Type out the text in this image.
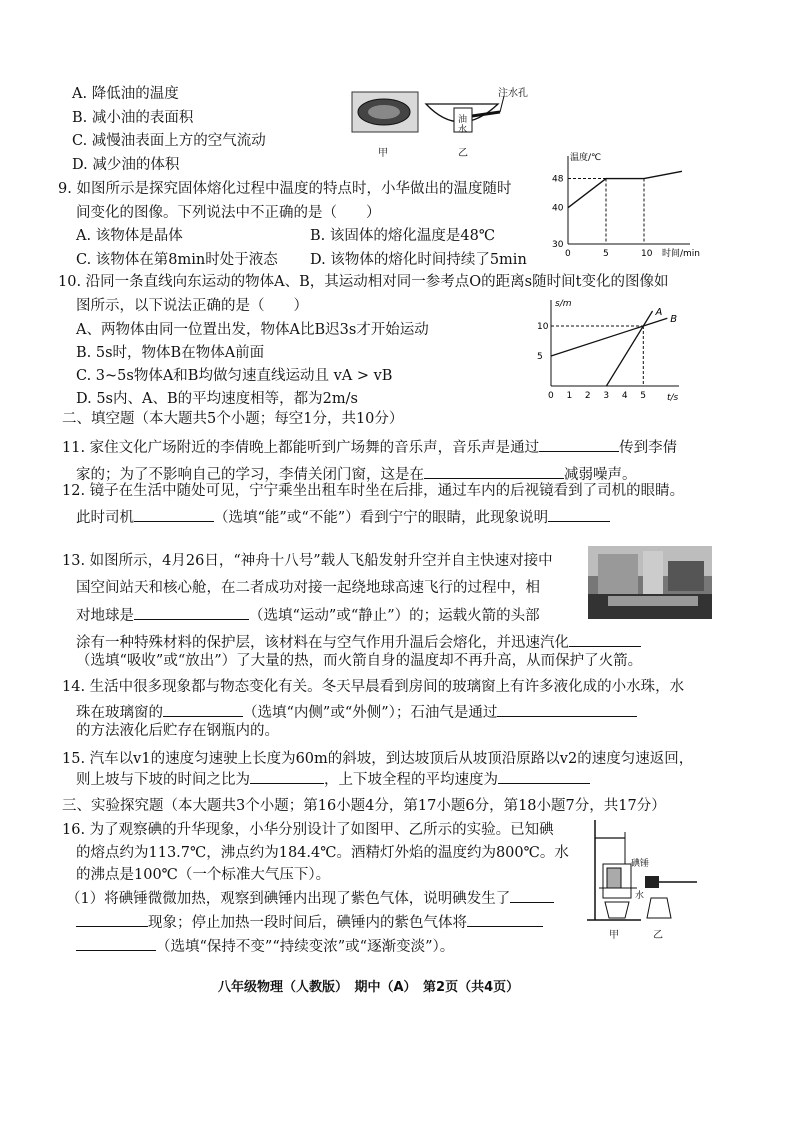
A. 降低油的温度
B. 减小油的表面积
C. 减慢油表面上方的空气流动
D. 减少油的体积
注水孔
油
水
甲	乙
9. 如图所示是探究固体熔化过程中温度的特点时，小华做出的温度随时
间变化的图像。下列说法中不正确的是（　　）
A. 该物体是晶体	B. 该固体的熔化温度是48℃
C. 该物体在第8min时处于液态 D. 该物体的熔化时间持续了5min
温度/℃
时间/min
0	5	10
30
40
48
10. 沿同一条直线向东运动的物体A、B，其运动相对同一参考点O的距离s随时间t变化的图像如
图所示，以下说法正确的是（　　）
A、两物体由同一位置出发，物体A比B迟3s才开始运动
B. 5s时，物体B在物体A前面
C. 3~5s物体A和B均做匀速直线运动且 vA > vB
D. 5s内、A、B的平均速度相等，都为2m/s
s/m
t/s
0 1 2 3 4 5
5
10
A
B
二、填空题（本大题共5个小题；每空1分，共10分）
11. 家住文化广场附近的李倩晚上都能听到广场舞的音乐声，音乐声是通过	传到李倩
家的；为了不影响自己的学习，李倩关闭门窗，这是在	减弱噪声。
12. 镜子在生活中随处可见，宁宁乘坐出租车时坐在后排，通过车内的后视镜看到了司机的眼睛。
此时司机	（选填“能”或“不能”）看到宁宁的眼睛，此现象说明
13. 如图所示，4月26日，“神舟十八号”载人飞船发射升空并自主快速对接中
国空间站天和核心舱，在二者成功对接一起绕地球高速飞行的过程中，相
对地球是	（选填“运动”或“静止”）的；运载火箭的头部
涂有一种特殊材料的保护层，该材料在与空气作用升温后会熔化，并迅速汽化
（选填“吸收”或“放出”）了大量的热，而火箭自身的温度却不再升高，从而保护了火箭。
14. 生活中很多现象都与物态变化有关。冬天早晨看到房间的玻璃窗上有许多液化成的小水珠，水
珠在玻璃窗的	（选填“内侧”或“外侧”）；石油气是通过
的方法液化后贮存在钢瓶内的。
15. 汽车以v1的速度匀速驶上长度为60m的斜坡，到达坡顶后从坡顶沿原路以v2的速度匀速返回，
则上坡与下坡的时间之比为	，上下坡全程的平均速度为
三、实验探究题（本大题共3个小题；第16小题4分，第17小题6分，第18小题7分，共17分）
16. 为了观察碘的升华现象，小华分别设计了如图甲、乙所示的实验。已知碘
的熔点约为113.7℃，沸点约为184.4℃。酒精灯外焰的温度约为800℃。水
的沸点是100℃（一个标准大气压下）。
（1）将碘锤微微加热，观察到碘锤内出现了紫色气体，说明碘发生了
现象；停止加热一段时间后，碘锤内的紫色气体将
（选填“保持不变”“持续变浓”或“逐渐变淡”）。
碘锤
水
甲	乙
八年级物理（人教版）　期中（A）　第2页（共4页）
